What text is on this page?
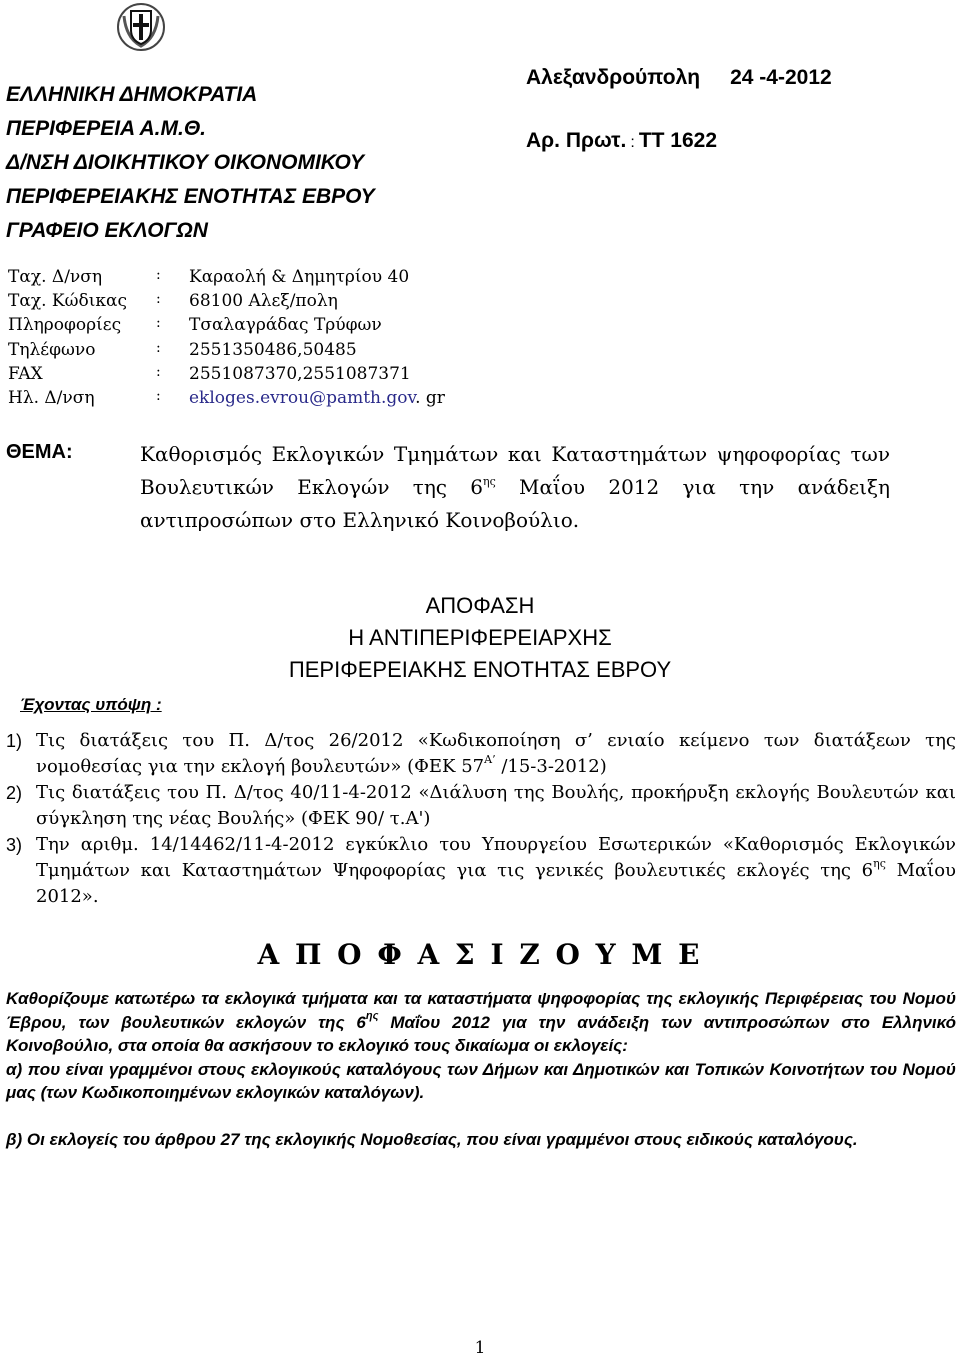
ΕΛΛΗΝΙΚΗ ΔΗΜΟΚΡΑΤΙΑ
ΠΕΡΙΦΕΡΕΙΑ Α.Μ.Θ.
Δ/ΝΣΗ ΔΙΟΙΚΗΤΙΚΟΥ ΟΙΚΟΝΟΜΙΚΟΥ
ΠΕΡΙΦΕΡΕΙΑΚΗΣ ΕΝΟΤΗΤΑΣ ΕΒΡΟΥ
ΓΡΑΦΕΙΟ ΕΚΛΟΓΩΝ
Αλεξανδρούπολη 24 -4-2012
Αρ. Πρωτ. : ΤΤ 1622
Ταχ. Δ/νση	: Καραολή & Δημητρίου 40
Ταχ. Κώδικας : 68100 Αλεξ/πολη
Πληροφορίες : Τσαλαγράδας Τρύφων
Τηλέφωνο	: 2551350486,50485
FAX	: 2551087370,2551087371
Ηλ. Δ/νση	: ekloges.evrou@pamth.gov. gr
ΘΕΜΑ:	Καθορισμός Εκλογικών Τμημάτων και Καταστημάτων ψηφοφορίας των Βουλευτικών Εκλογών της $6^{\eta\varsigma}$ Μαΐου 2012 για την ανάδειξη αντιπροσώπων στο Ελληνικό Κοινοβούλιο.
ΑΠΟΦΑΣΗ
Η ΑΝΤΙΠΕΡΙΦΕΡΕΙΑΡΧΗΣ
ΠΕΡΙΦΕΡΕΙΑΚΗΣ ΕΝΟΤΗΤΑΣ ΕΒΡΟΥ
Έχοντας υπόψη :
1) Τις διατάξεις του Π. Δ/τος 26/2012 «Κωδικοποίηση σ’ ενιαίο κείμενο των διατάξεων της νομοθεσίας για την εκλογή βουλευτών» (ΦΕΚ $57^{A’}$ /15-3-2012)
2) Τις διατάξεις του Π. Δ/τος 40/11-4-2012 «Διάλυση της Βουλής, προκήρυξη εκλογής Βουλευτών και σύγκληση της νέας Βουλής» (ΦΕΚ 90/ τ.Α')
3) Την αριθμ. 14/14462/11-4-2012 εγκύκλιο του Υπουργείου Εσωτερικών «Καθορισμός Εκλογικών Τμημάτων και Καταστημάτων Ψηφοφορίας για τις γενικές βουλευτικές εκλογές της $6^{\eta\varsigma}$ Μαΐου 2012».
Α Π Ο Φ Α Σ Ι Ζ Ο Υ Μ Ε

Καθορίζουμε κατωτέρω τα εκλογικά τμήματα και τα καταστήματα ψηφοφορίας της εκλογικής Περιφέρειας του Νομού Έβρου, των βουλευτικών εκλογών της $6^{\eta\varsigma}$ Μαΐου 2012 για την ανάδειξη των αντιπροσώπων στο Ελληνικό Κοινοβούλιο, στα οποία θα ασκήσουν το εκλογικό τους δικαίωμα οι εκλογείς:

α) που είναι γραμμένοι στους εκλογικούς καταλόγους των Δήμων και Δημοτικών και Τοπικών Κοινοτήτων του Νομού μας (των Κωδικοποιημένων εκλογικών καταλόγων).

β) Οι εκλογείς του άρθρου 27 της εκλογικής Νομοθεσίας, που είναι γραμμένοι στους ειδικούς καταλόγους.

1
